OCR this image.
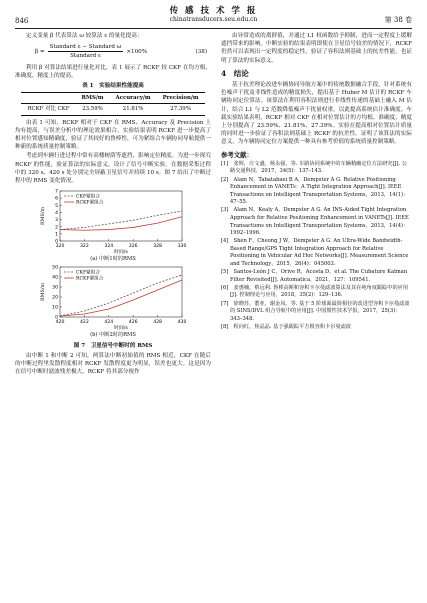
846
传 感 技 术 学 报
chinatransducers.seu.edu.cn	第 38 卷

定义变量 β 代表算法 ω 较算法 ε 的量化提高：

$\beta = \frac{\text{Standard ε − Standard ω}}{\text{Standard ε}} \times 100\%$	(38)

利用 β 对算法结果进行量化对比，表 1 展示了 RCKF 较 CKF 在均方根、准确度、精度上的提高。

表 1　实验结果性能提高
	RMS/m	Accuracy/m	Precision/m
RCKF 对比 CKF	23.59%	21.81%	27.39%

由表 1 可知，RCKF 相对于 CKF 在 RMS、Accuracy 及 Precision 上均有提高，与误差分析中的理论效果相合。实验结果表明 RCKF 进一步提高了相对位置感知精确度，验证了其较好的鲁棒性，可为紧组合车辆协同导航提供一种新的系统质量控制策略。

考虑到车辆行进过程中常有高楼树荫等遮挡，影响定位精度。为进一步探究 RCKF 的性能，验证算法的实际意义，设计了信号中断实验。在数据采集过程中的 320 s、420 s 处分别完全屏蔽卫星信号并持续 10 s。图 7 给出了中断过程中的 RMS 变化情况。

0
1
2
3
4
5
6
7
320	322	324	326	328	330
时间/s
RMS/m
CKF紧组合
RCKF紧组合
(a) 中断1时的RMS
0
10
20
30
40
50
420	422	424	426	428	430
时间/s
RMS/m
CKF紧组合
RCKF紧组合
(b) 中断2时的RMS
图 7　卫星信号中断时的 RMS

由中断 1 和中断 2 可知，两算法中断初始值的 RMS 相近，CKF 在随后的中断过程里发散程度相对 RCKF 发散程度更为明显，误差也更大。这是因为在信号中断时滤波残差极大，RCKF 将其部分视作

由异常造成的离群值，并通过 L1 权函数给予抑制，进而一定程度上缓解遮挡带来的影响。中断实验的结果表明即使在卫星信号较差的情况下，RCKF 仍然可以表现出一定程度的稳定性，验证了容积法则基础上的抗差性能，也证明了算法的实际意义。

4　结论

基于抗差理论改进车辆协同导航方案中的传统数据融合手段。针对系统有色噪声干扰及非线性造成的精度损失，提出基于 Huber M 估计的 RCKF 车辆协同定位算法。该算法在利用容积法则进行非线性传递的基础上融入 M 估计，结合 L1 与 L2 范数降低噪声干扰量权重，以此提高系统估计准确度。车载实验结果表明，RCKF 相对 CKF 在相对位置估计的方均根、准确度、精度上分别提高了 23.59%、21.81%、27.39%。实验在提高相对位置估计质量的同时进一步验证了容积法则基础上 RCKF 的抗差性，证明了该算法的实际意义，为车辆协同定位方案提供一种具有参考价值的系统质量控制策略。

参考文献：
[1]　张辉，庄文盛，杨永强，等. 车路协同系统中的车辆精确定位方法研究[J]. 公路交通科技，2017，34(5)：137–143.
[2]　Alam N，Tabatabaei B A，Dempster A G. Relative Positioning Enhancement in VANETs：A Tight Integration Approach[J]. IEEE Transactions on Intelligent Transportation Systems，2013，14(1)：47–55.
[3]　Alam N，Kealy A，Dempster A G. An INS-Aided Tight Integration Approach for Relative Positioning Enhancement in VANETs[J]. IEEE Transactions on Intelligent Transportation Systems，2013，14(4)：1992–1996.
[4]　Shen F，Cheong J W，Dempster A G. An Ultra-Wide Bandwidth-Based Range/GPS Tight Integration Approach for Relative Positioning in Vehicular Ad Hoc Networks[J]. Measurement Science and Technology，2015，26(4)：045003.
[5]　Santos-León J C，Orive R，Acosta D，et al. The Cubature Kalman Filter Revisited[J]. Automatica，2021，127：109541.
[6]　姜惠楠，蔡远利. 鲁棒高斯和容积卡尔曼滤波算法及其在纯角度跟踪中的应用[J]. 控制理论与应用，2018，35(2)：129–136.
[7]　徐晓苏，董亚，谢金凤，等. 基于 5 阶球面最简相径的改进型容积卡尔曼滤波的 SINS/DVL 组合导航中的应用[J]. 中国惯性技术学报，2017，25(3)：343–348.
[8]　程向红，焦晶晶. 基于强跟踪平方根容积卡尔曼滤波
